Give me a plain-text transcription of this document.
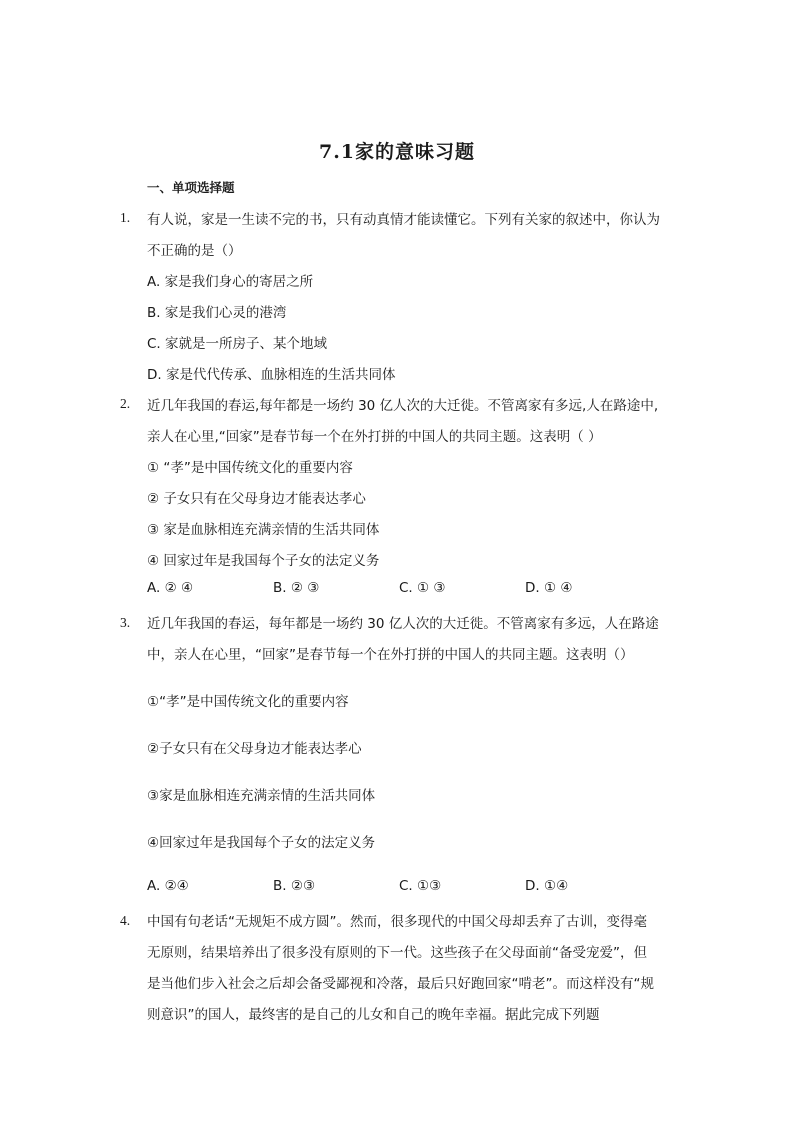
7.1家的意味习题
一、单项选择题
1. 有人说，家是一生读不完的书，只有动真情才能读懂它。下列有关家的叙述中，你认为
不正确的是（）
A. 家是我们身心的寄居之所
B. 家是我们心灵的港湾
C. 家就是一所房子、某个地域
D. 家是代代传承、血脉相连的生活共同体
2. 近几年我国的春运,每年都是一场约 30 亿人次的大迁徙。不管离家有多远,人在路途中,
亲人在心里,“回家”是春节每一个在外打拼的中国人的共同主题。这表明（ ）
① “孝”是中国传统文化的重要内容
② 子女只有在父母身边才能表达孝心
③ 家是血脉相连充满亲情的生活共同体
④ 回家过年是我国每个子女的法定义务
A. ② ④	B. ② ③	C. ① ③	D. ① ④
3. 近几年我国的春运，每年都是一场约 30 亿人次的大迁徙。不管离家有多远，人在路途
中，亲人在心里，“回家”是春节每一个在外打拼的中国人的共同主题。这表明（）
①“孝”是中国传统文化的重要内容
②子女只有在父母身边才能表达孝心
③家是血脉相连充满亲情的生活共同体
④回家过年是我国每个子女的法定义务
A. ②④	B. ②③	C. ①③	D. ①④
4. 中国有句老话“无规矩不成方圆”。然而，很多现代的中国父母却丢弃了古训，变得毫
无原则，结果培养出了很多没有原则的下一代。这些孩子在父母面前“备受宠爱”，但
是当他们步入社会之后却会备受鄙视和冷落，最后只好跑回家“啃老”。而这样没有“规
则意识”的国人，最终害的是自己的儿女和自己的晚年幸福。据此完成下列题
